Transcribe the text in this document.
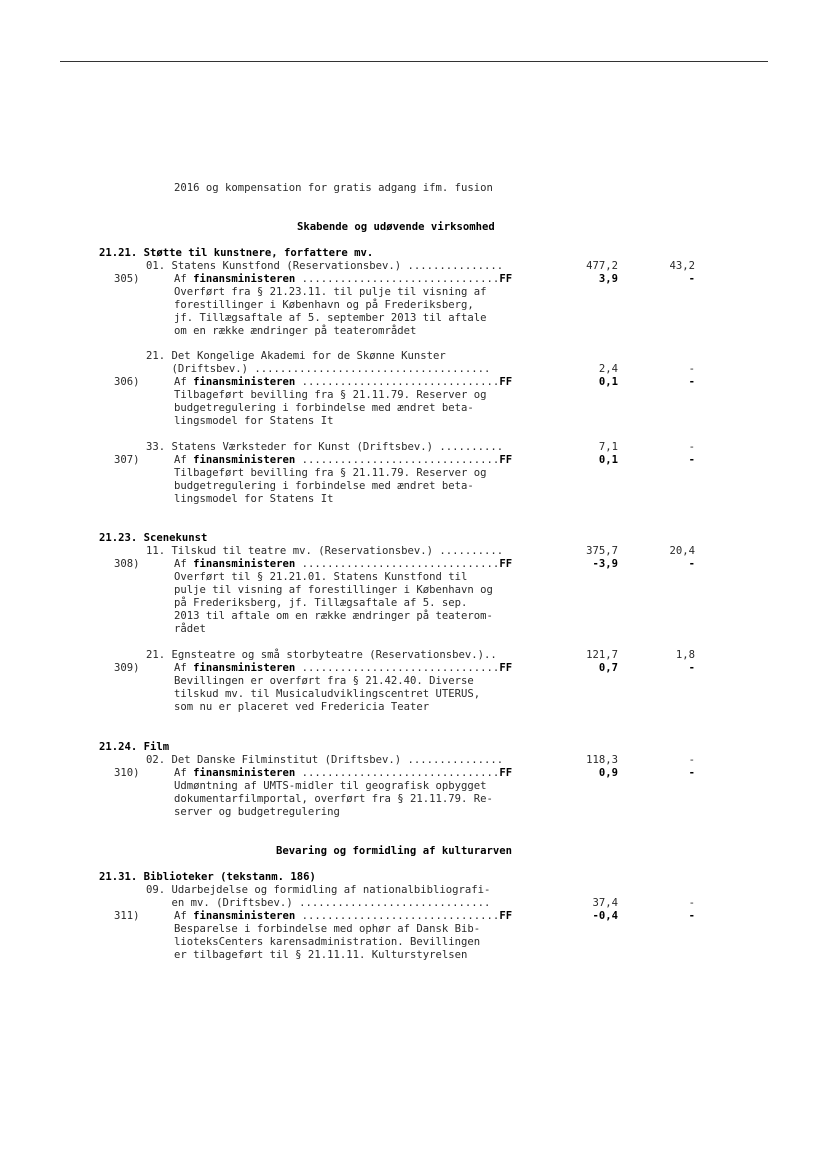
2016 og kompensation for gratis adgang ifm. fusion
Skabende og udøvende virksomhed
21.21. Støtte til kunstnere, forfattere mv.
01. Statens Kunstfond (Reservationsbev.) ...............	477,2	43,2
305)	Af finansministeren ...............................FF	3,9	-
Overført fra § 21.23.11. til pulje til visning af
forestillinger i København og på Frederiksberg,
jf. Tillægsaftale af 5. september 2013 til aftale
om en række ændringer på teaterområdet
21. Det Kongelige Akademi for de Skønne Kunster
(Driftsbev.) .....................................	2,4	-
306)	Af finansministeren ...............................FF	0,1	-
Tilbageført bevilling fra § 21.11.79. Reserver og
budgetregulering i forbindelse med ændret beta-
lingsmodel for Statens It
33. Statens Værksteder for Kunst (Driftsbev.) ..........	7,1	-
307)	Af finansministeren ...............................FF	0,1	-
Tilbageført bevilling fra § 21.11.79. Reserver og
budgetregulering i forbindelse med ændret beta-
lingsmodel for Statens It
21.23. Scenekunst
11. Tilskud til teatre mv. (Reservationsbev.) ..........	375,7	20,4
308)	Af finansministeren ...............................FF	-3,9	-
Overført til § 21.21.01. Statens Kunstfond til
pulje til visning af forestillinger i København og
på Frederiksberg, jf. Tillægsaftale af 5. sep.
2013 til aftale om en række ændringer på teaterom-
rådet
21. Egnsteatre og små storbyteatre (Reservationsbev.)..	121,7	1,8
309)	Af finansministeren ...............................FF	0,7	-
Bevillingen er overført fra § 21.42.40. Diverse
tilskud mv. til Musicaludviklingscentret UTERUS,
som nu er placeret ved Fredericia Teater
21.24. Film
02. Det Danske Filminstitut (Driftsbev.) ...............	118,3	-
310)	Af finansministeren ...............................FF	0,9	-
Udmøntning af UMTS-midler til geografisk opbygget
dokumentarfilmportal, overført fra § 21.11.79. Re-
server og budgetregulering
Bevaring og formidling af kulturarven
21.31. Biblioteker (tekstanm. 186)
09. Udarbejdelse og formidling af nationalbibliografi-
en mv. (Driftsbev.) ..............................	37,4	-
311)	Af finansministeren ...............................FF	-0,4	-
Besparelse i forbindelse med ophør af Dansk Bib-
lioteksCenters karensadministration. Bevillingen
er tilbageført til § 21.11.11. Kulturstyrelsen
